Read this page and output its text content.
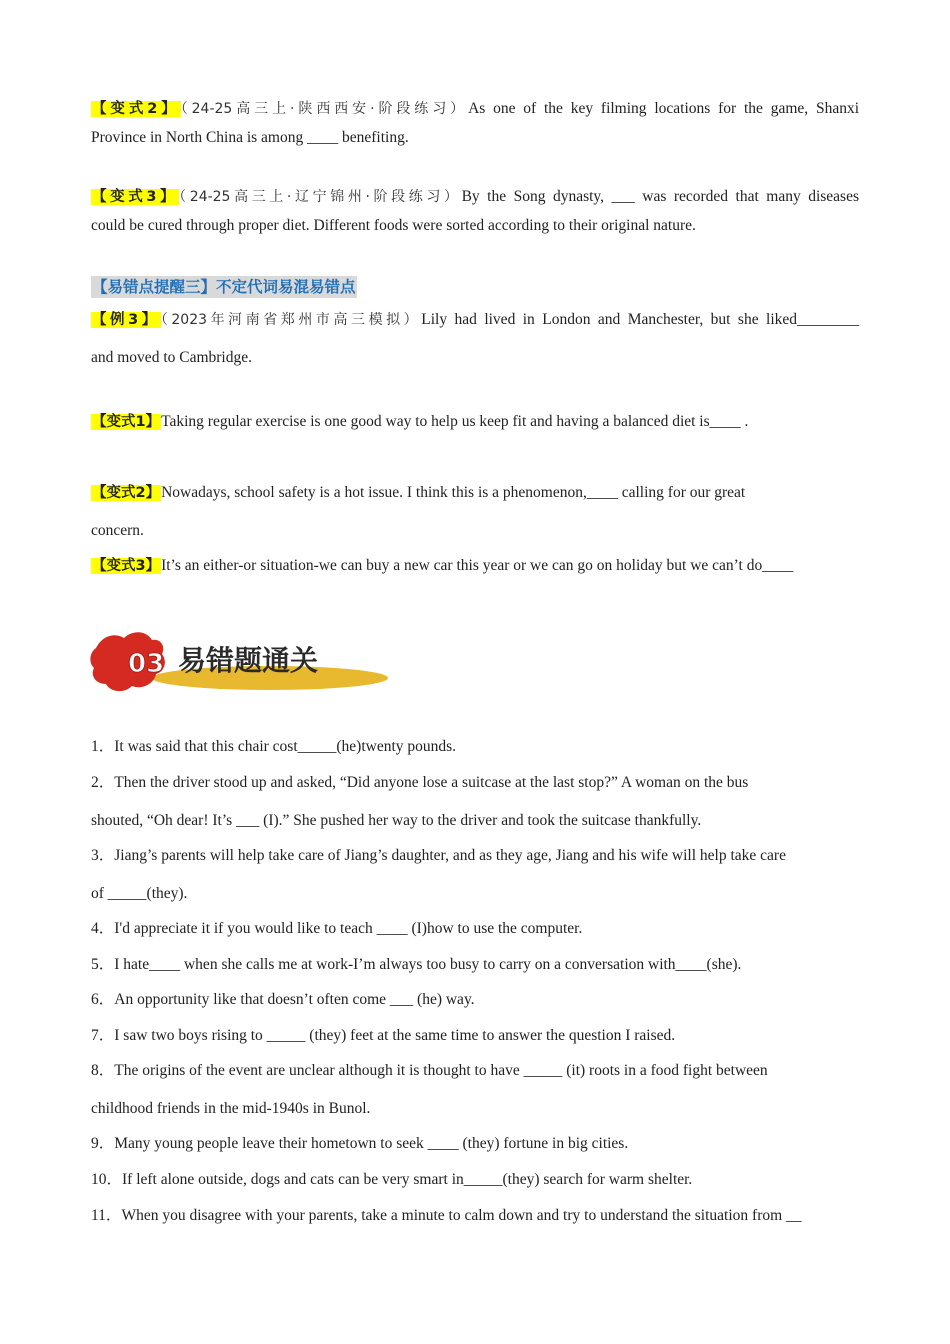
【变式2】（24-25高三上·陕西西安·阶段练习）As one of the key filming locations for the game, Shanxi
Province in North China is among ____ benefiting.
【变式3】（24-25高三上·辽宁锦州·阶段练习）By the Song dynasty, ___ was recorded that many diseases
could be cured through proper diet. Different foods were sorted according to their original nature.
【易错点提醒三】不定代词易混易错点
【例3】（2023年河南省郑州市高三模拟）Lily had lived in London and Manchester, but she liked________
and moved to Cambridge.
【变式1】Taking regular exercise is one good way to help us keep fit and having a balanced diet is____ .
【变式2】Nowadays, school safety is a hot issue. I think this is a phenomenon,____ calling for our great
concern.
【变式3】It’s an either-or situation-we can buy a new car this year or we can go on holiday but we can’t do____
03 易错题通关
1．It was said that this chair cost_____(he)twenty pounds.
2．Then the driver stood up and asked, “Did anyone lose a suitcase at the last stop?” A woman on the bus
shouted, “Oh dear! It’s ___ (I).” She pushed her way to the driver and took the suitcase thankfully.
3．Jiang’s parents will help take care of Jiang’s daughter, and as they age, Jiang and his wife will help take care
of _____(they).
4．I'd appreciate it if you would like to teach ____ (I)how to use the computer.
5．I hate____ when she calls me at work-I’m always too busy to carry on a conversation with____(she).
6．An opportunity like that doesn’t often come ___ (he) way.
7．I saw two boys rising to _____ (they) feet at the same time to answer the question I raised.
8．The origins of the event are unclear although it is thought to have _____ (it) roots in a food fight between
childhood friends in the mid-1940s in Bunol.
9．Many young people leave their hometown to seek ____ (they) fortune in big cities.
10．If left alone outside, dogs and cats can be very smart in_____(they) search for warm shelter.
11．When you disagree with your parents, take a minute to calm down and try to understand the situation from __
